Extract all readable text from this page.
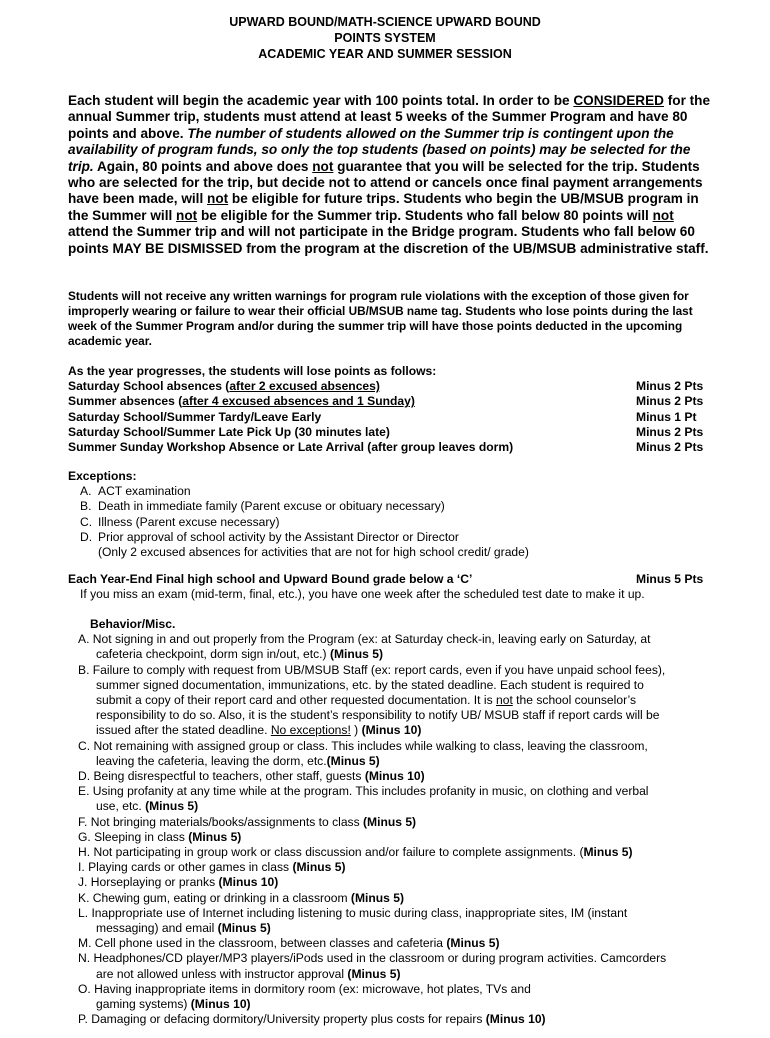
UPWARD BOUND/MATH-SCIENCE UPWARD BOUND
POINTS SYSTEM
ACADEMIC YEAR AND SUMMER SESSION
Each student will begin the academic year with 100 points total. In order to be CONSIDERED for the annual Summer trip, students must attend at least 5 weeks of the Summer Program and have 80 points and above. The number of students allowed on the Summer trip is contingent upon the availability of program funds, so only the top students (based on points) may be selected for the trip. Again, 80 points and above does not guarantee that you will be selected for the trip. Students who are selected for the trip, but decide not to attend or cancels once final payment arrangements have been made, will not be eligible for future trips. Students who begin the UB/MSUB program in the Summer will not be eligible for the Summer trip. Students who fall below 80 points will not attend the Summer trip and will not participate in the Bridge program. Students who fall below 60 points MAY BE DISMISSED from the program at the discretion of the UB/MSUB administrative staff.
Students will not receive any written warnings for program rule violations with the exception of those given for improperly wearing or failure to wear their official UB/MSUB name tag. Students who lose points during the last week of the Summer Program and/or during the summer trip will have those points deducted in the upcoming academic year.
As the year progresses, the students will lose points as follows:
Saturday School absences (after 2 excused absences)	Minus 2 Pts
Summer absences (after 4 excused absences and 1 Sunday)	Minus 2 Pts
Saturday School/Summer Tardy/Leave Early	Minus 1 Pt
Saturday School/Summer Late Pick Up (30 minutes late)	Minus 2 Pts
Summer Sunday Workshop Absence or Late Arrival (after group leaves dorm)	Minus 2 Pts
Exceptions:
A. ACT examination
B. Death in immediate family (Parent excuse or obituary necessary)
C. Illness (Parent excuse necessary)
D. Prior approval of school activity by the Assistant Director or Director
(Only 2 excused absences for activities that are not for high school credit/ grade)
Each Year-End Final high school and Upward Bound grade below a ‘C’	Minus 5 Pts
If you miss an exam (mid-term, final, etc.), you have one week after the scheduled test date to make it up.
Behavior/Misc.
A. Not signing in and out properly from the Program (ex: at Saturday check-in, leaving early on Saturday, at
cafeteria checkpoint, dorm sign in/out, etc.) (Minus 5)
B. Failure to comply with request from UB/MSUB Staff (ex: report cards, even if you have unpaid school fees),
summer signed documentation, immunizations, etc. by the stated deadline. Each student is required to
submit a copy of their report card and other requested documentation. It is not the school counselor’s
responsibility to do so. Also, it is the student’s responsibility to notify UB/ MSUB staff if report cards will be
issued after the stated deadline. No exceptions! ) (Minus 10)
C. Not remaining with assigned group or class. This includes while walking to class, leaving the classroom,
leaving the cafeteria, leaving the dorm, etc.(Minus 5)
D. Being disrespectful to teachers, other staff, guests (Minus 10)
E. Using profanity at any time while at the program. This includes profanity in music, on clothing and verbal
use, etc. (Minus 5)
F. Not bringing materials/books/assignments to class (Minus 5)
G. Sleeping in class (Minus 5)
H. Not participating in group work or class discussion and/or failure to complete assignments. (Minus 5)
I. Playing cards or other games in class (Minus 5)
J. Horseplaying or pranks (Minus 10)
K. Chewing gum, eating or drinking in a classroom (Minus 5)
L. Inappropriate use of Internet including listening to music during class, inappropriate sites, IM (instant
messaging) and email (Minus 5)
M. Cell phone used in the classroom, between classes and cafeteria (Minus 5)
N. Headphones/CD player/MP3 players/iPods used in the classroom or during program activities. Camcorders
are not allowed unless with instructor approval (Minus 5)
O. Having inappropriate items in dormitory room (ex: microwave, hot plates, TVs and
gaming systems) (Minus 10)
P. Damaging or defacing dormitory/University property plus costs for repairs (Minus 10)
